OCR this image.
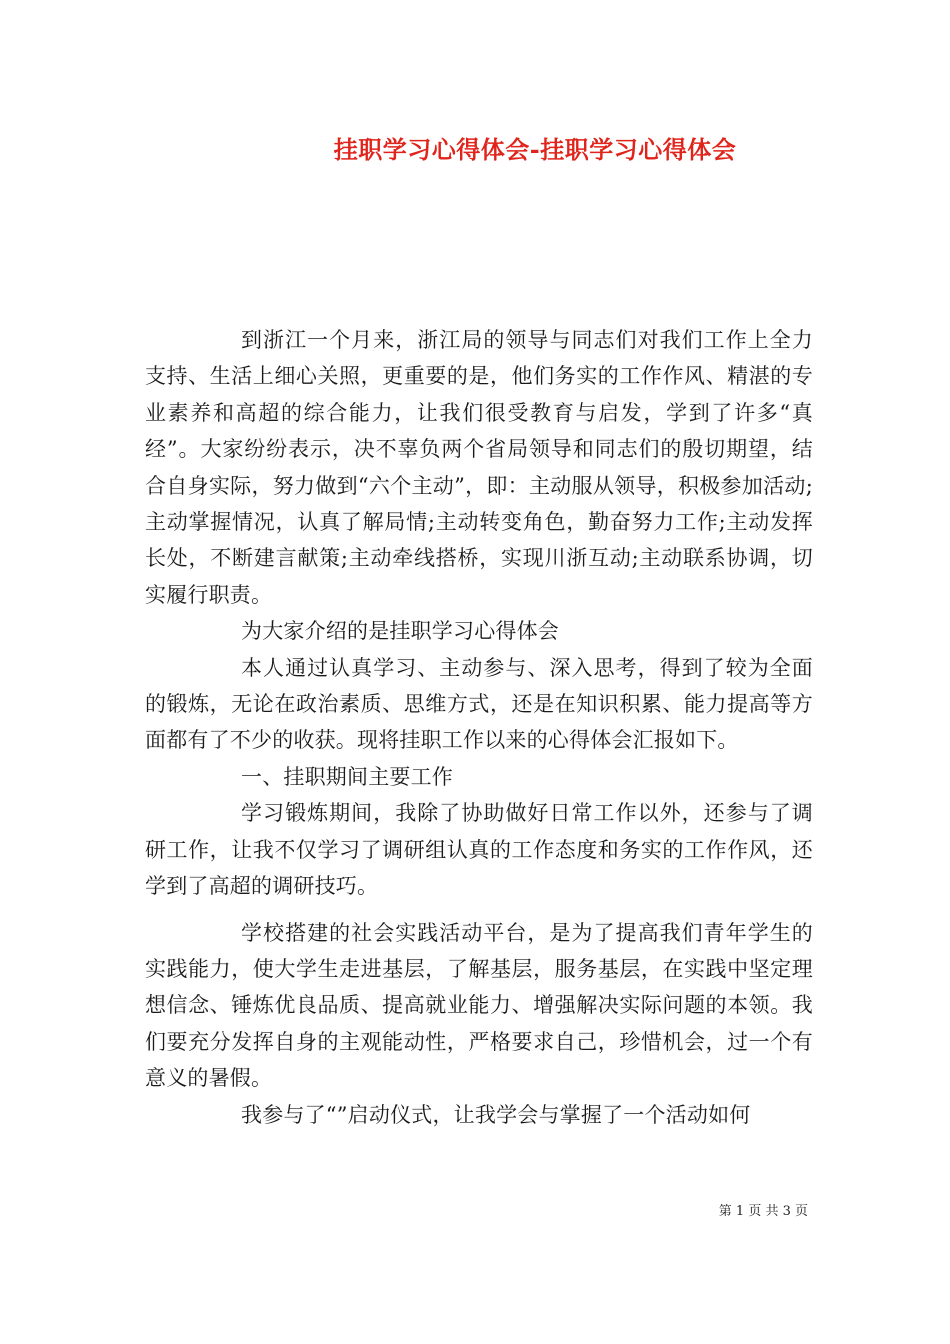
挂职学习心得体会-挂职学习心得体会

到浙江一个月来，浙江局的领导与同志们对我们工作上全力支持、生活上细心关照，更重要的是，他们务实的工作作风、精湛的专业素养和高超的综合能力，让我们很受教育与启发，学到了许多“真经”。大家纷纷表示，决不辜负两个省局领导和同志们的殷切期望，结合自身实际，努力做到“六个主动”，即：主动服从领导，积极参加活动;主动掌握情况，认真了解局情;主动转变角色，勤奋努力工作;主动发挥长处，不断建言献策;主动牵线搭桥，实现川浙互动;主动联系协调，切实履行职责。

为大家介绍的是挂职学习心得体会

本人通过认真学习、主动参与、深入思考，得到了较为全面的锻炼，无论在政治素质、思维方式，还是在知识积累、能力提高等方面都有了不少的收获。现将挂职工作以来的心得体会汇报如下。

一、挂职期间主要工作

学习锻炼期间，我除了协助做好日常工作以外，还参与了调研工作，让我不仅学习了调研组认真的工作态度和务实的工作作风，还学到了高超的调研技巧。

学校搭建的社会实践活动平台，是为了提高我们青年学生的实践能力，使大学生走进基层，了解基层，服务基层，在实践中坚定理想信念、锤炼优良品质、提高就业能力、增强解决实际问题的本领。我们要充分发挥自身的主观能动性，严格要求自己，珍惜机会，过一个有意义的暑假。

我参与了“”启动仪式，让我学会与掌握了一个活动如何

第 1 页 共 3 页
